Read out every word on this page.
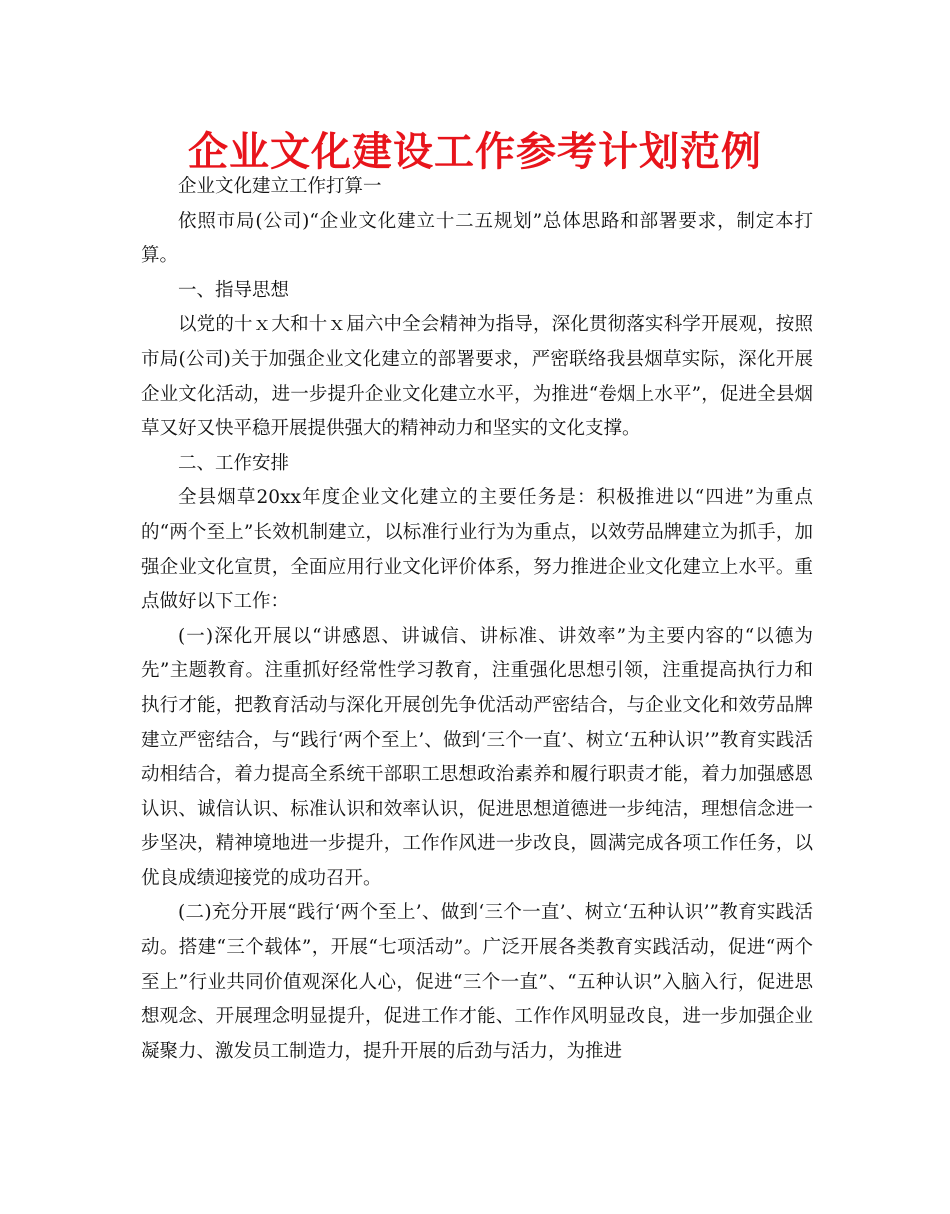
企业文化建设工作参考计划范例

企业文化建立工作打算一

依照市局(公司)“企业文化建立十二五规划”总体思路和部署要求，制定本打算。

一、指导思想

以党的十ｘ大和十ｘ届六中全会精神为指导，深化贯彻落实科学开展观，按照市局(公司)关于加强企业文化建立的部署要求，严密联络我县烟草实际，深化开展企业文化活动，进一步提升企业文化建立水平，为推进“卷烟上水平”，促进全县烟草又好又快平稳开展提供强大的精神动力和坚实的文化支撑。

二、工作安排

全县烟草20xx年度企业文化建立的主要任务是：积极推进以“四进”为重点的“两个至上”长效机制建立，以标准行业行为为重点，以效劳品牌建立为抓手，加强企业文化宣贯，全面应用行业文化评价体系，努力推进企业文化建立上水平。重点做好以下工作：

(一)深化开展以“讲感恩、讲诚信、讲标准、讲效率”为主要内容的“以德为先”主题教育。注重抓好经常性学习教育，注重强化思想引领，注重提高执行力和执行才能，把教育活动与深化开展创先争优活动严密结合，与企业文化和效劳品牌建立严密结合，与“践行‘两个至上’、做到‘三个一直’、树立‘五种认识’”教育实践活动相结合，着力提高全系统干部职工思想政治素养和履行职责才能，着力加强感恩认识、诚信认识、标准认识和效率认识，促进思想道德进一步纯洁，理想信念进一步坚决，精神境地进一步提升，工作作风进一步改良，圆满完成各项工作任务，以优良成绩迎接党的成功召开。

(二)充分开展“践行‘两个至上’、做到‘三个一直’、树立‘五种认识’”教育实践活动。搭建“三个载体”，开展“七项活动”。广泛开展各类教育实践活动，促进“两个至上”行业共同价值观深化人心，促进“三个一直”、“五种认识”入脑入行，促进思想观念、开展理念明显提升，促进工作才能、工作作风明显改良，进一步加强企业凝聚力、激发员工制造力，提升开展的后劲与活力，为推进
